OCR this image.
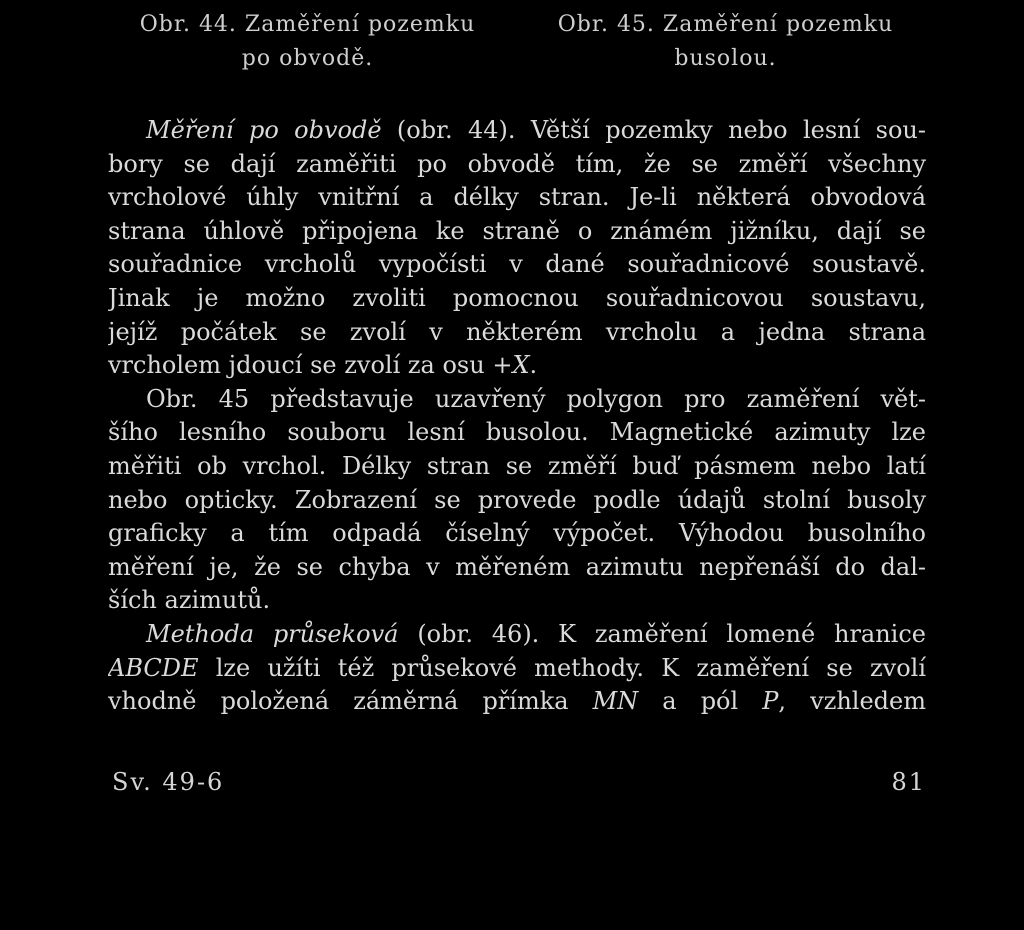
Obr. 44. Zaměření pozemku
po obvodě.
Obr. 45. Zaměření pozemku
busolou.
Měření po obvodě (obr. 44). Větší pozemky nebo lesní sou-
bory se dají zaměřiti po obvodě tím, že se změří všechny
vrcholové úhly vnitřní a délky stran. Je-li některá obvodová
strana úhlově připojena ke straně o známém jižníku, dají se
souřadnice vrcholů vypočísti v dané souřadnicové soustavě.
Jinak je možno zvoliti pomocnou souřadnicovou soustavu,
jejíž počátek se zvolí v některém vrcholu a jedna strana
vrcholem jdoucí se zvolí za osu +X.
Obr. 45 představuje uzavřený polygon pro zaměření vět-
šího lesního souboru lesní busolou. Magnetické azimuty lze
měřiti ob vrchol. Délky stran se změří buď pásmem nebo latí
nebo opticky. Zobrazení se provede podle údajů stolní busoly
graficky a tím odpadá číselný výpočet. Výhodou busolního
měření je, že se chyba v měřeném azimutu nepřenáší do dal-
ších azimutů.
Methoda průseková (obr. 46). K zaměření lomené hranice
ABCDE lze užíti též průsekové methody. K zaměření se zvolí
vhodně položená záměrná přímka MN a pól P, vzhledem
Sv. 49-6	81
